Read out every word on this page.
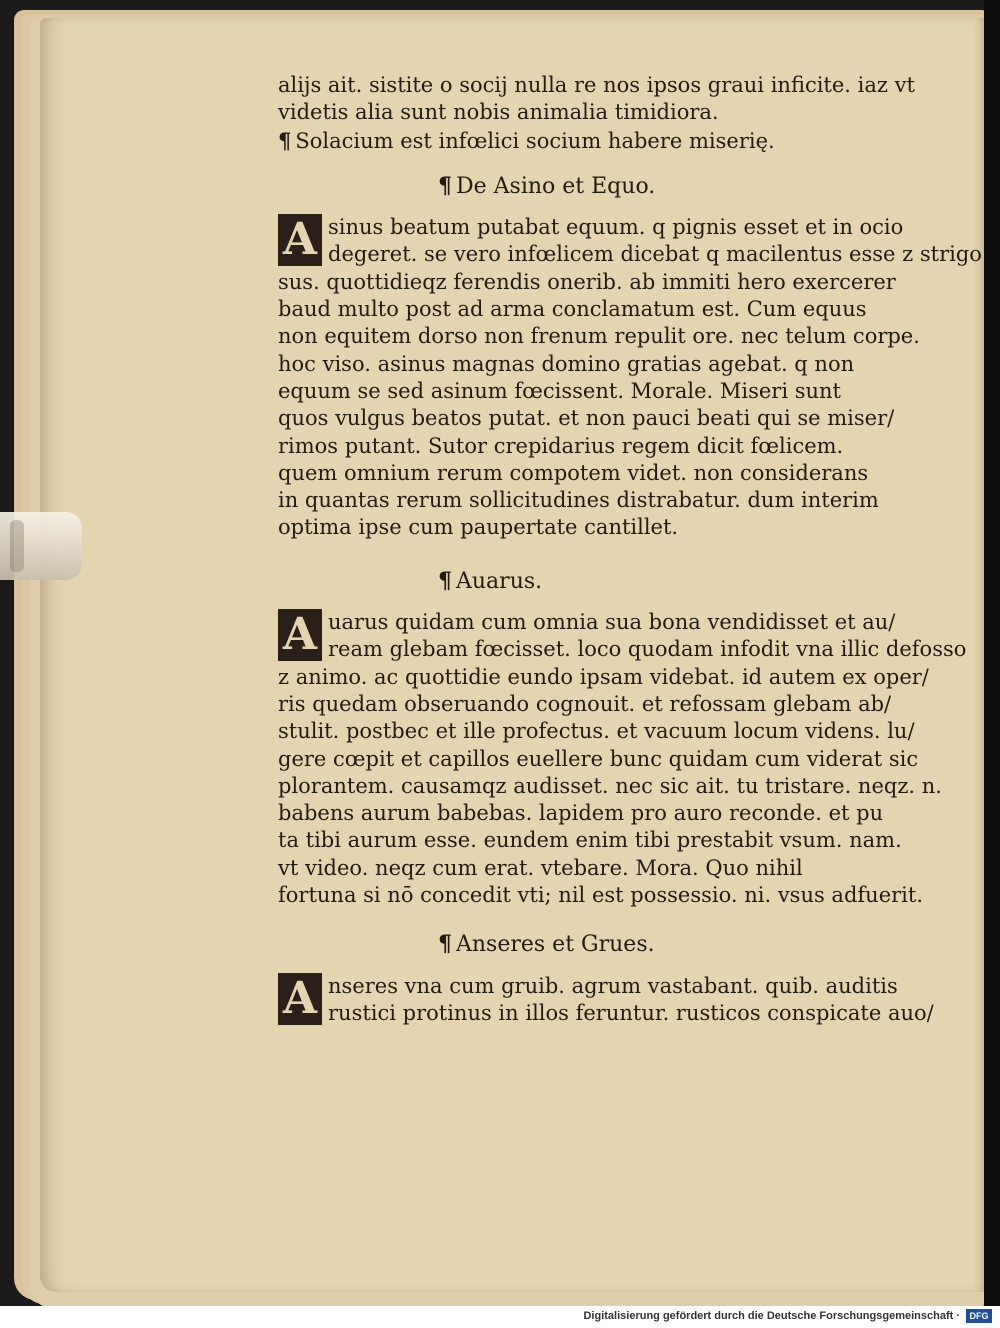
alijs ait. sistite o socij nulla re nos ipsos graui inficite. iaz vt
videtis alia sunt nobis animalia timidiora.
¶ Solacium est infœlici socium habere miserię.
¶ De Asino et Equo.
A sinus beatum putabat equum. q pignis esset et in ocio
degeret. se vero infœlicem dicebat q macilentus esse z strigo
sus. quottidieqz ferendis onerib. ab immiti hero exercerer
baud multo post ad arma conclamatum est. Cum equus
non equitem dorso non frenum repulit ore. nec telum corpe.
hoc viso. asinus magnas domino gratias agebat. q non
equum se sed asinum fœcissent. Morale. Miseri sunt
quos vulgus beatos putat. et non pauci beati qui se miser/
rimos putant. Sutor crepidarius regem dicit fœlicem.
quem omnium rerum compotem videt. non considerans
in quantas rerum sollicitudines distrabatur. dum interim
optima ipse cum paupertate cantillet.
¶ Auarus.
A uarus quidam cum omnia sua bona vendidisset et au/
ream glebam fœcisset. loco quodam infodit vna illic defosso
z animo. ac quottidie eundo ipsam videbat. id autem ex oper/
ris quedam obseruando cognouit. et refossam glebam ab/
stulit. postbec et ille profectus. et vacuum locum videns. lu/
gere cœpit et capillos euellere bunc quidam cum viderat sic
plorantem. causamqz audisset. nec sic ait. tu tristare. neqz. n.
babens aurum babebas. lapidem pro auro reconde. et pu
ta tibi aurum esse. eundem enim tibi prestabit vsum. nam.
vt video. neqz cum erat. vtebare. Mora. Quo nihil
fortuna si nō concedit vti; nil est possessio. ni. vsus adfuerit.
¶ Anseres et Grues.
A nseres vna cum gruib. agrum vastabant. quib. auditis
rustici protinus in illos feruntur. rusticos conspicate auo/
Digitalisierung gefördert durch die Deutsche Forschungsgemeinschaft ·	DFG
